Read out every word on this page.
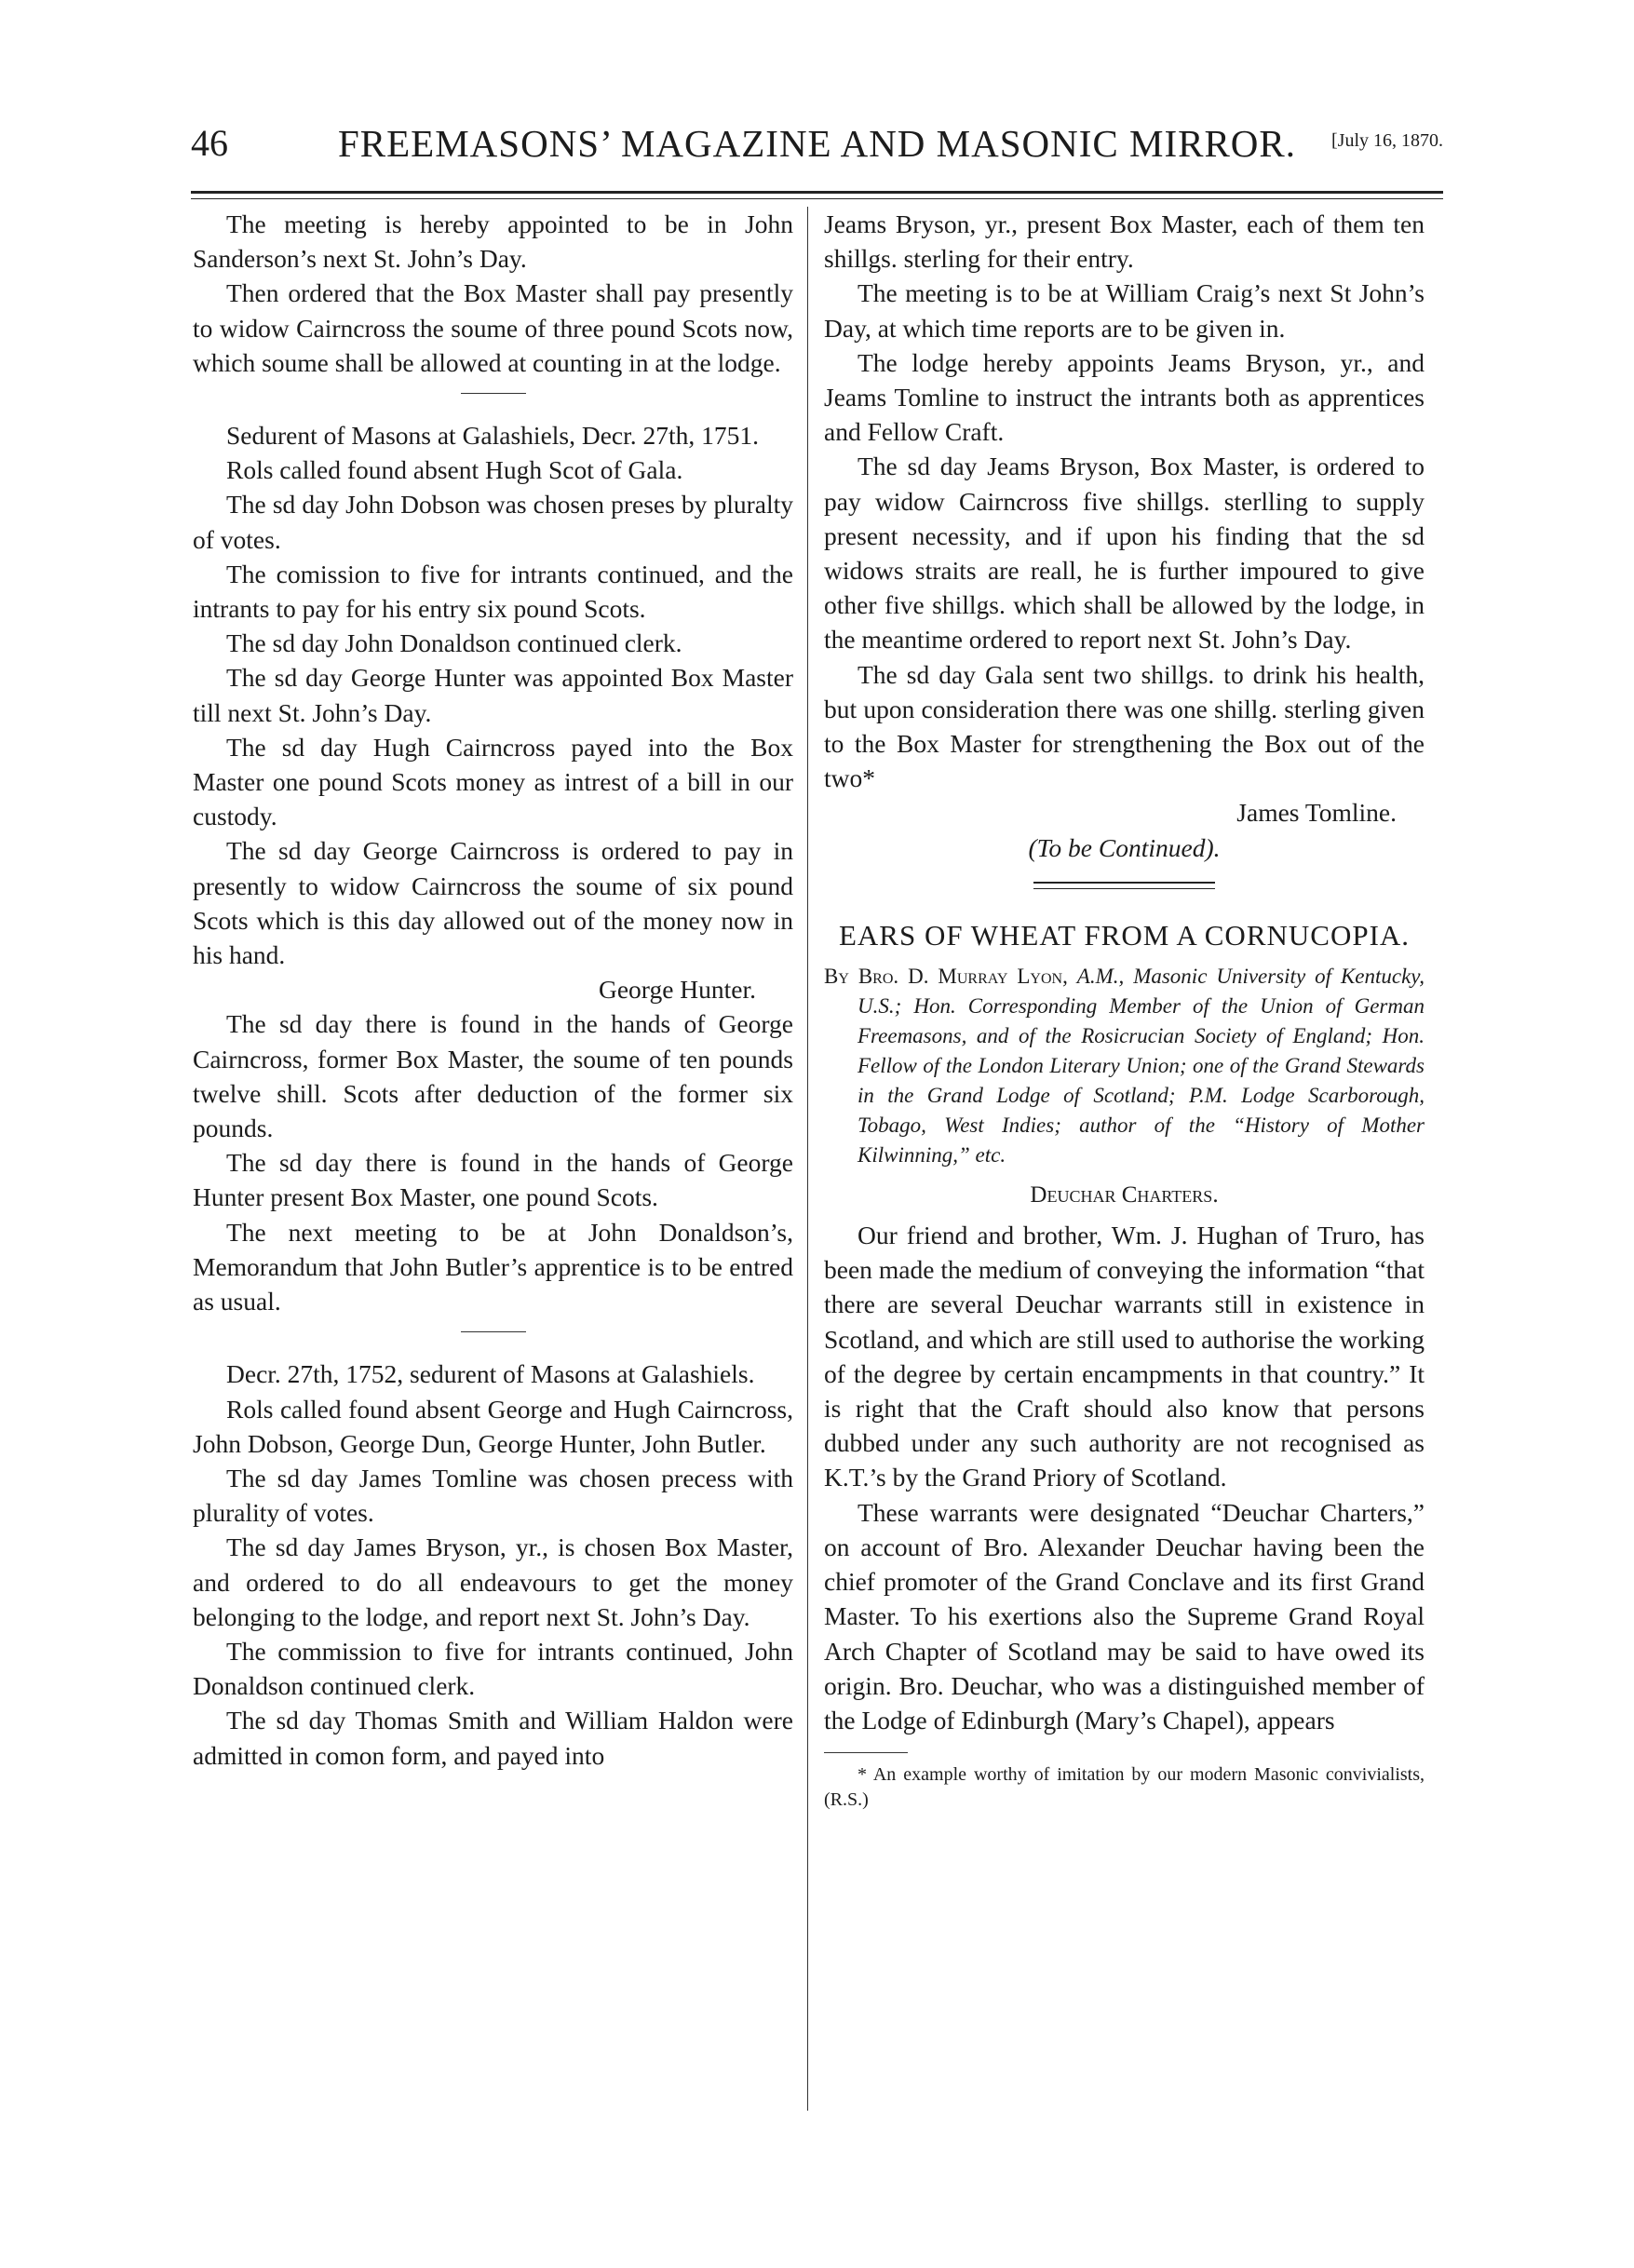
46	FREEMASONS’ MAGAZINE AND MASONIC MIRROR.	[July 16, 1870.

The meeting is hereby appointed to be in John Sanderson’s next St. John’s Day.

Then ordered that the Box Master shall pay presently to widow Cairncross the soume of three pound Scots now, which soume shall be allowed at counting in at the lodge.

Sedurent of Masons at Galashiels, Decr. 27th, 1751.

Rols called found absent Hugh Scot of Gala.

The sd day John Dobson was chosen preses by pluralty of votes.

The comission to five for intrants continued, and the intrants to pay for his entry six pound Scots.

The sd day John Donaldson continued clerk.

The sd day George Hunter was appointed Box Master till next St. John’s Day.

The sd day Hugh Cairncross payed into the Box Master one pound Scots money as intrest of a bill in our custody.

The sd day George Cairncross is ordered to pay in presently to widow Cairncross the soume of six pound Scots which is this day allowed out of the money now in his hand.

George Hunter.

The sd day there is found in the hands of George Cairncross, former Box Master, the soume of ten pounds twelve shill. Scots after deduction of the former six pounds.

The sd day there is found in the hands of George Hunter present Box Master, one pound Scots.

The next meeting to be at John Donaldson’s, Memorandum that John Butler’s apprentice is to be entred as usual.

Decr. 27th, 1752, sedurent of Masons at Galashiels.

Rols called found absent George and Hugh Cairncross, John Dobson, George Dun, George Hunter, John Butler.

The sd day James Tomline was chosen precess with plurality of votes.

The sd day James Bryson, yr., is chosen Box Master, and ordered to do all endeavours to get the money belonging to the lodge, and report next St. John’s Day.

The commission to five for intrants continued, John Donaldson continued clerk.

The sd day Thomas Smith and William Haldon were admitted in comon form, and payed into

Jeams Bryson, yr., present Box Master, each of them ten shillgs. sterling for their entry.

The meeting is to be at William Craig’s next St John’s Day, at which time reports are to be given in.

The lodge hereby appoints Jeams Bryson, yr., and Jeams Tomline to instruct the intrants both as apprentices and Fellow Craft.

The sd day Jeams Bryson, Box Master, is ordered to pay widow Cairncross five shillgs. sterlling to supply present necessity, and if upon his finding that the sd widows straits are reall, he is further impoured to give other five shillgs. which shall be allowed by the lodge, in the meantime ordered to report next St. John’s Day.

The sd day Gala sent two shillgs. to drink his health, but upon consideration there was one shillg. sterling given to the Box Master for strengthening the Box out of the two*

James Tomline.
(To be Continued).
EARS OF WHEAT FROM A CORNUCOPIA.
By Bro. D. Murray Lyon, A.M., Masonic University of Kentucky, U.S.; Hon. Corresponding Member of the Union of German Freemasons, and of the Rosicrucian Society of England; Hon. Fellow of the London Literary Union; one of the Grand Stewards in the Grand Lodge of Scotland; P.M. Lodge Scarborough, Tobago, West Indies; author of the “History of Mother Kilwinning,” etc.
Deuchar Charters.

Our friend and brother, Wm. J. Hughan of Truro, has been made the medium of conveying the information “that there are several Deuchar warrants still in existence in Scotland, and which are still used to authorise the working of the degree by certain encampments in that country.” It is right that the Craft should also know that persons dubbed under any such authority are not recognised as K.T.’s by the Grand Priory of Scotland.

These warrants were designated “Deuchar Charters,” on account of Bro. Alexander Deuchar having been the chief promoter of the Grand Conclave and its first Grand Master. To his exertions also the Supreme Grand Royal Arch Chapter of Scotland may be said to have owed its origin. Bro. Deuchar, who was a distinguished member of the Lodge of Edinburgh (Mary’s Chapel), appears

* An example worthy of imitation by our modern Masonic convivialists, (R.S.)
